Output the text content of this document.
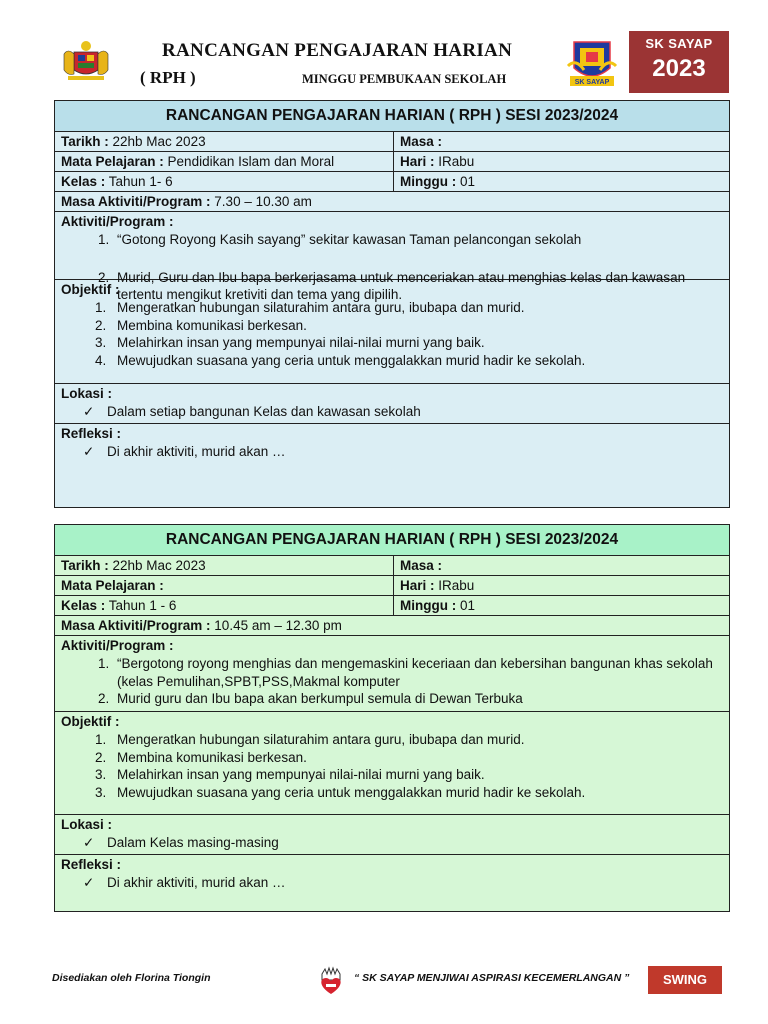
RANCANGAN PENGAJARAN HARIAN
( RPH )	MINGGU PEMBUKAAN SEKOLAH	SK SAYAP
SK SAYAP
2023
RANCANGAN PENGAJARAN HARIAN ( RPH ) SESI 2023/2024
Tarikh : 22hb Mac 2023	Masa :
Mata Pelajaran : Pendidikan Islam dan Moral	Hari : IRabu
Kelas : Tahun 1- 6	Minggu : 01
Masa Aktiviti/Program : 7.30 – 10.30 am
Aktiviti/Program :
1. “Gotong Royong Kasih sayang” sekitar kawasan Taman pelancongan sekolah
2. Murid, Guru dan Ibu bapa berkerjasama untuk menceriakan atau menghias kelas dan kawasan tertentu mengikut kretiviti dan tema yang dipilih.
Objektif :
1. Mengeratkan hubungan silaturahim antara guru, ibubapa dan murid.
2. Membina komunikasi berkesan.
3. Melahirkan insan yang mempunyai nilai-nilai murni yang baik.
4. Mewujudkan suasana yang ceria untuk menggalakkan murid hadir ke sekolah.
Lokasi :
✓ Dalam setiap bangunan Kelas dan kawasan sekolah
Refleksi :
✓ Di akhir aktiviti, murid akan …
RANCANGAN PENGAJARAN HARIAN ( RPH ) SESI 2023/2024
Tarikh : 22hb Mac 2023	Masa :
Mata Pelajaran :	Hari : IRabu
Kelas : Tahun 1 - 6	Minggu : 01
Masa Aktiviti/Program : 10.45 am – 12.30 pm
Aktiviti/Program :
1. “Bergotong royong menghias dan mengemaskini keceriaan dan kebersihan bangunan khas sekolah (kelas Pemulihan,SPBT,PSS,Makmal komputer
2. Murid guru dan Ibu bapa akan berkumpul semula di Dewan Terbuka
Objektif :
1. Mengeratkan hubungan silaturahim antara guru, ibubapa dan murid.
2. Membina komunikasi berkesan.
3. Melahirkan insan yang mempunyai nilai-nilai murni yang baik.
3. Mewujudkan suasana yang ceria untuk menggalakkan murid hadir ke sekolah.
Lokasi :
✓ Dalam Kelas masing-masing
Refleksi :
✓ Di akhir aktiviti, murid akan …
Disediakan oleh Florina Tiongin	“ SK SAYAP MENJIWAI ASPIRASI KECEMERLANGAN ”	SWING
